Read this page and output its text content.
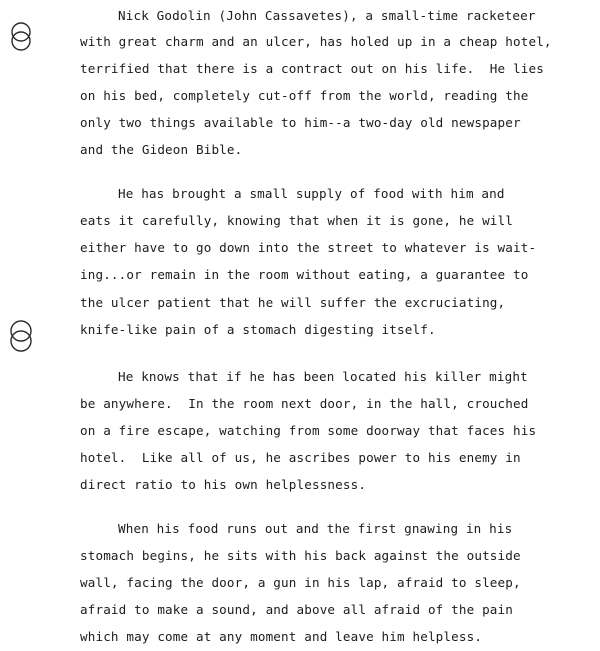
Nick Godolin (John Cassavetes), a small-time racketeer
with great charm and an ulcer, has holed up in a cheap hotel,
terrified that there is a contract out on his life.  He lies
on his bed, completely cut-off from the world, reading the
only two things available to him--a two-day old newspaper
and the Gideon Bible.
He has brought a small supply of food with him and
eats it carefully, knowing that when it is gone, he will
either have to go down into the street to whatever is wait-
ing...or remain in the room without eating, a guarantee to
the ulcer patient that he will suffer the excruciating,
knife-like pain of a stomach digesting itself.
He knows that if he has been located his killer might
be anywhere.  In the room next door, in the hall, crouched
on a fire escape, watching from some doorway that faces his
hotel.  Like all of us, he ascribes power to his enemy in
direct ratio to his own helplessness.
When his food runs out and the first gnawing in his
stomach begins, he sits with his back against the outside
wall, facing the door, a gun in his lap, afraid to sleep,
afraid to make a sound, and above all afraid of the pain
which may come at any moment and leave him helpless.
